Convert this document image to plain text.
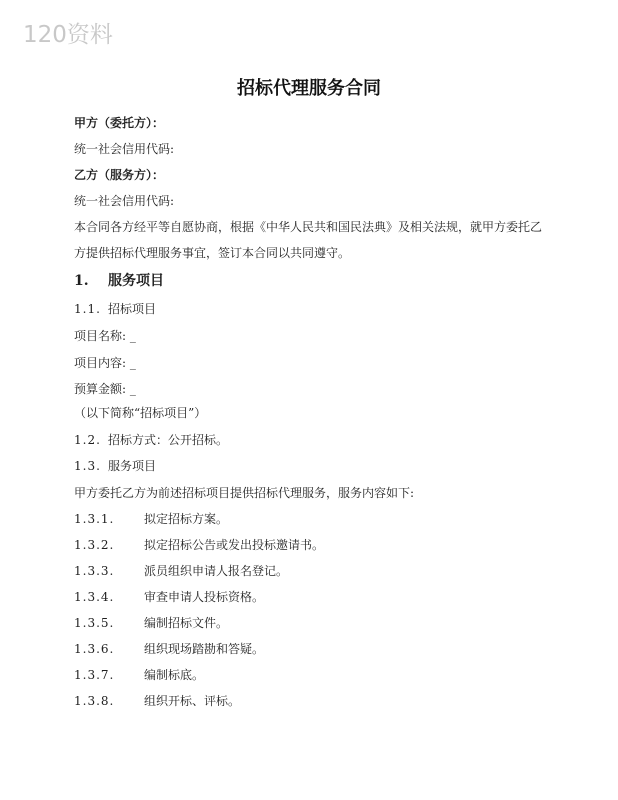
120资料
招标代理服务合同
甲方（委托方）：
统一社会信用代码:
乙方（服务方）：
统一社会信用代码:
本合同各方经平等自愿协商，根据《中华人民共和国民法典》及相关法规，就甲方委托乙
方提供招标代理服务事宜，签订本合同以共同遵守。
1. 服务项目
1.1. 招标项目
项目名称: _
项目内容: _
预算金额: _
（以下简称“招标项目”）
1.2. 招标方式：公开招标。
1.3. 服务项目
甲方委托乙方为前述招标项目提供招标代理服务，服务内容如下:
1.3.1. 拟定招标方案。
1.3.2. 拟定招标公告或发出投标邀请书。
1.3.3. 派员组织申请人报名登记。
1.3.4. 审查申请人投标资格。
1.3.5. 编制招标文件。
1.3.6. 组织现场踏勘和答疑。
1.3.7. 编制标底。
1.3.8. 组织开标、评标。
